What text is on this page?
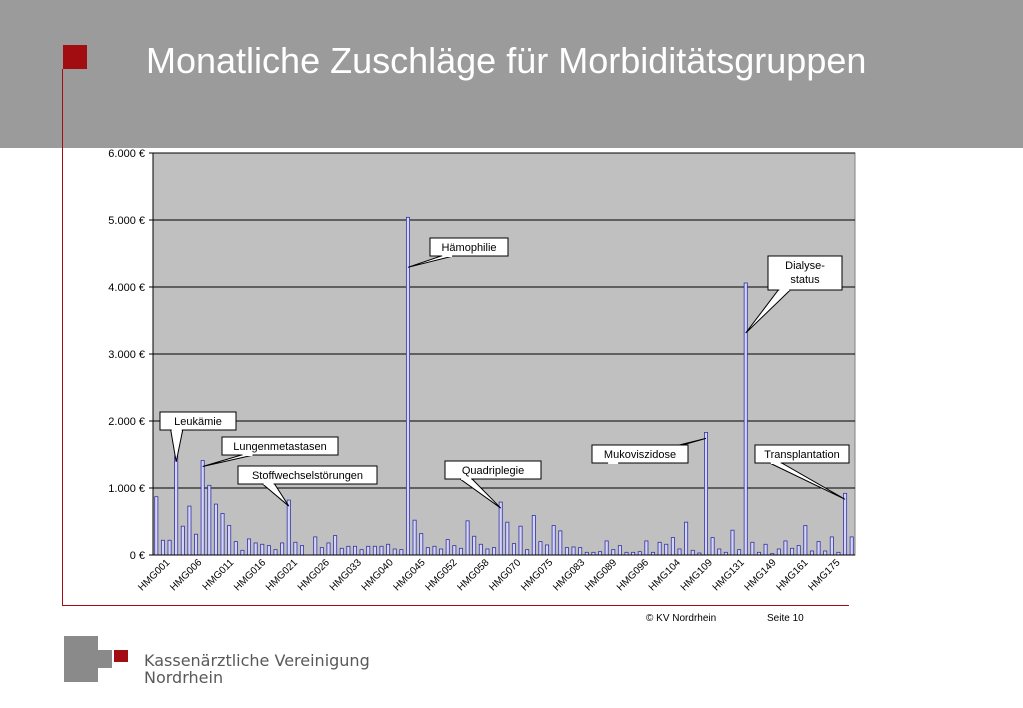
Monatliche Zuschläge für Morbiditätsgruppen
0 €
1.000 €
2.000 €
3.000 €
4.000 €
5.000 €
6.000 €
HMG001
HMG006
HMG011
HMG016
HMG021
HMG026
HMG033
HMG040
HMG045
HMG052
HMG058
HMG070
HMG075
HMG083
HMG089
HMG096
HMG104
HMG109
HMG131
HMG149
HMG161
HMG175
Leukämie
Lungenmetastasen
Stoffwechselstörungen
Hämophilie
Quadriplegie
Mukoviszidose
Dialyse-
status
Transplantation
© KV Nordrhein	Seite 10
Kassenärztliche Vereinigung
Nordrhein
